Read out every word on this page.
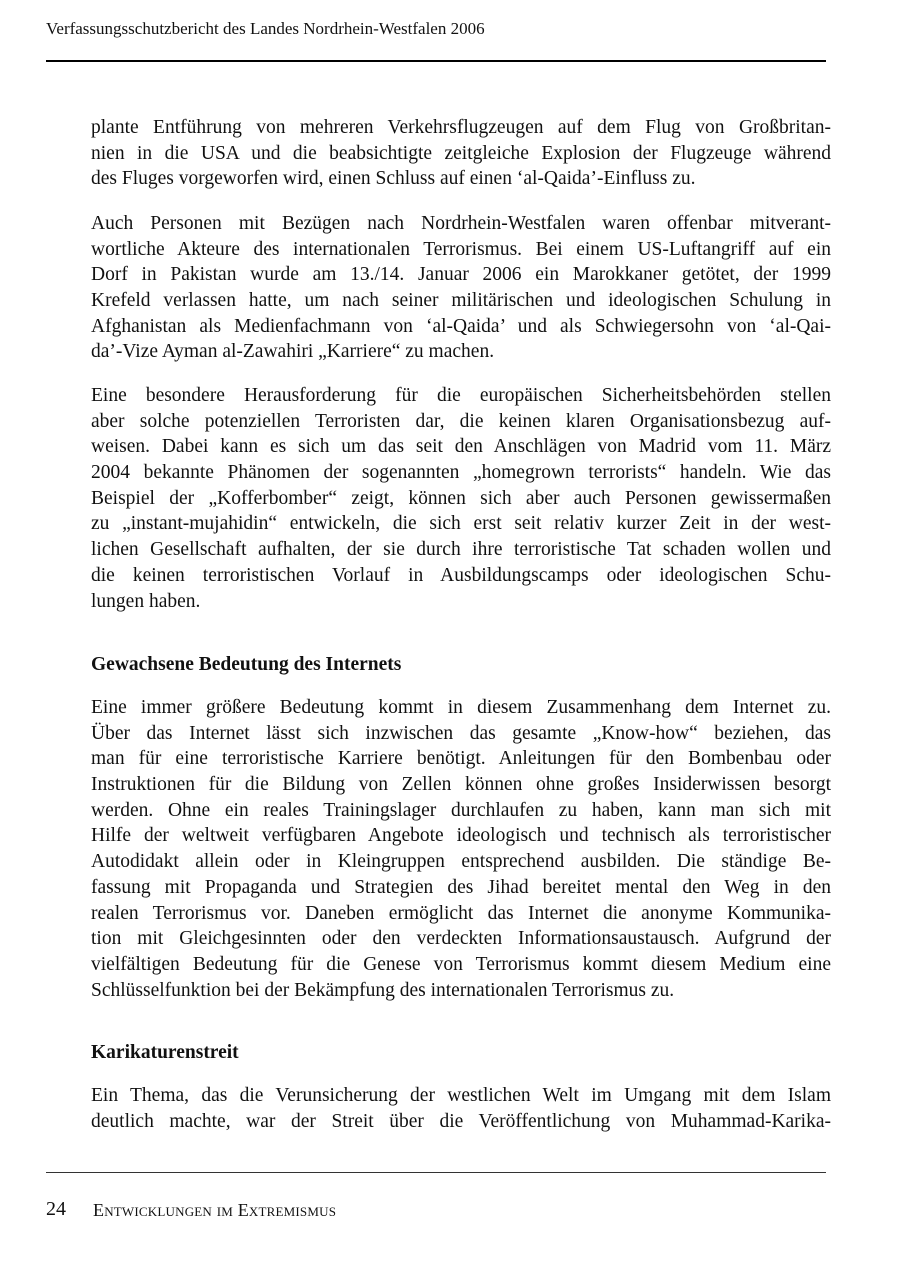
Verfassungsschutzbericht des Landes Nordrhein-Westfalen 2006
plante Entführung von mehreren Verkehrsflugzeugen auf dem Flug von Großbritan-
nien in die USA und die beabsichtigte zeitgleiche Explosion der Flugzeuge während
des Fluges vorgeworfen wird, einen Schluss auf einen ‘al-Qaida’-Einfluss zu.
Auch Personen mit Bezügen nach Nordrhein-Westfalen waren offenbar mitverant-
wortliche Akteure des internationalen Terrorismus. Bei einem US-Luftangriff auf ein
Dorf in Pakistan wurde am 13./14. Januar 2006 ein Marokkaner getötet, der 1999
Krefeld verlassen hatte, um nach seiner militärischen und ideologischen Schulung in
Afghanistan als Medienfachmann von ‘al-Qaida’ und als Schwiegersohn von ‘al-Qai-
da’-Vize Ayman al-Zawahiri „Karriere“ zu machen.
Eine besondere Herausforderung für die europäischen Sicherheitsbehörden stellen
aber solche potenziellen Terroristen dar, die keinen klaren Organisationsbezug auf-
weisen. Dabei kann es sich um das seit den Anschlägen von Madrid vom 11. März
2004 bekannte Phänomen der sogenannten „homegrown terrorists“ handeln. Wie das
Beispiel der „Kofferbomber“ zeigt, können sich aber auch Personen gewissermaßen
zu „instant-mujahidin“ entwickeln, die sich erst seit relativ kurzer Zeit in der west-
lichen Gesellschaft aufhalten, der sie durch ihre terroristische Tat schaden wollen und
die keinen terroristischen Vorlauf in Ausbildungscamps oder ideologischen Schu-
lungen haben.
Gewachsene Bedeutung des Internets
Eine immer größere Bedeutung kommt in diesem Zusammenhang dem Internet zu.
Über das Internet lässt sich inzwischen das gesamte „Know-how“ beziehen, das
man für eine terroristische Karriere benötigt. Anleitungen für den Bombenbau oder
Instruktionen für die Bildung von Zellen können ohne großes Insiderwissen besorgt
werden. Ohne ein reales Trainingslager durchlaufen zu haben, kann man sich mit
Hilfe der weltweit verfügbaren Angebote ideologisch und technisch als terroristischer
Autodidakt allein oder in Kleingruppen entsprechend ausbilden. Die ständige Be-
fassung mit Propaganda und Strategien des Jihad bereitet mental den Weg in den
realen Terrorismus vor. Daneben ermöglicht das Internet die anonyme Kommunika-
tion mit Gleichgesinnten oder den verdeckten Informationsaustausch. Aufgrund der
vielfältigen Bedeutung für die Genese von Terrorismus kommt diesem Medium eine
Schlüsselfunktion bei der Bekämpfung des internationalen Terrorismus zu.
Karikaturenstreit
Ein Thema, das die Verunsicherung der westlichen Welt im Umgang mit dem Islam
deutlich machte, war der Streit über die Veröffentlichung von Muhammad-Karika-
24 Entwicklungen im Extremismus
